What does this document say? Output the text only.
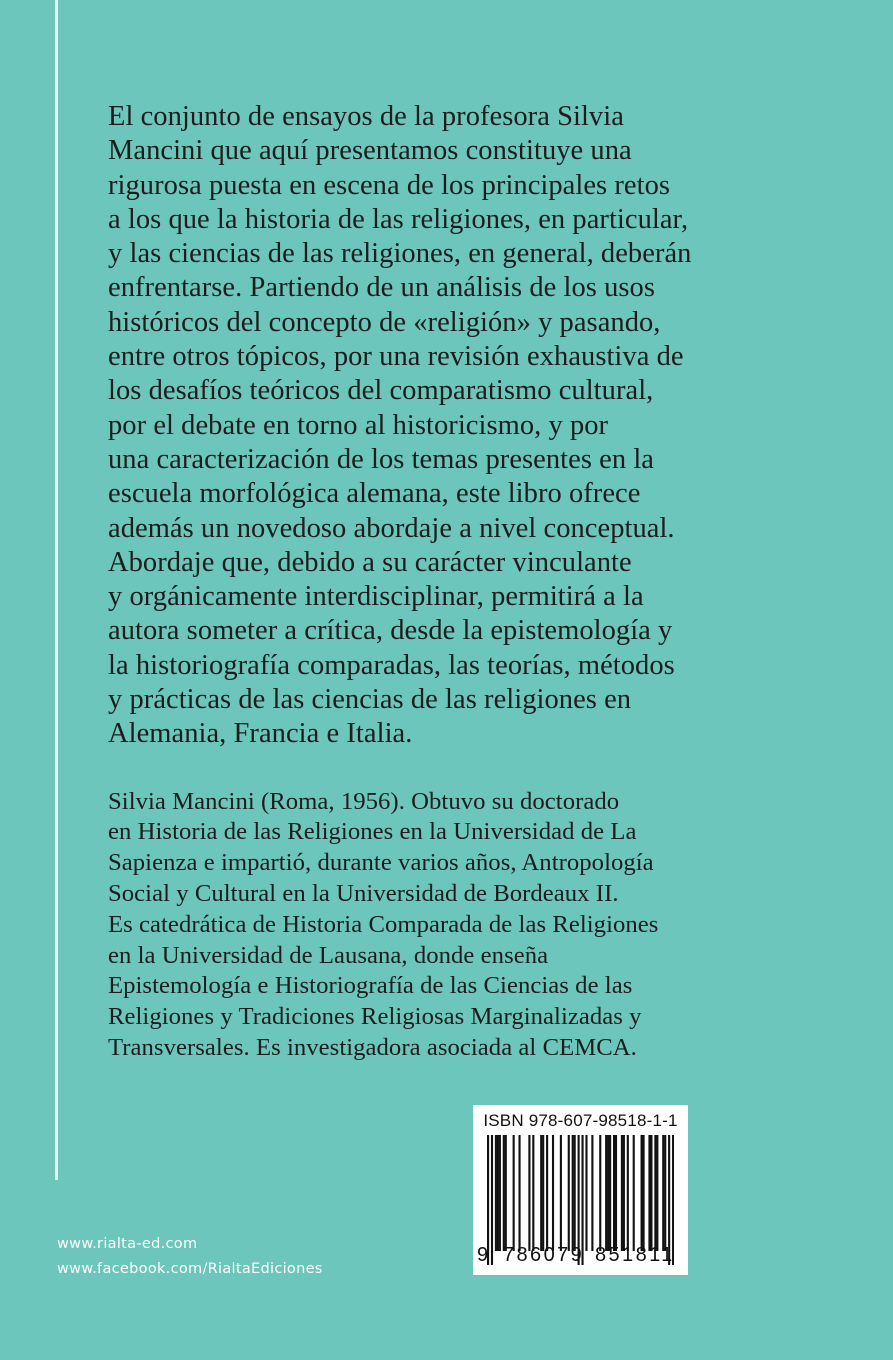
El conjunto de ensayos de la profesora Silvia
Mancini que aquí presentamos constituye una
rigurosa puesta en escena de los principales retos
a los que la historia de las religiones, en particular,
y las ciencias de las religiones, en general, deberán
enfrentarse. Partiendo de un análisis de los usos
históricos del concepto de «religión» y pasando,
entre otros tópicos, por una revisión exhaustiva de
los desafíos teóricos del comparatismo cultural,
por el debate en torno al historicismo, y por
una caracterización de los temas presentes en la
escuela morfológica alemana, este libro ofrece
además un novedoso abordaje a nivel conceptual.
Abordaje que, debido a su carácter vinculante
y orgánicamente interdisciplinar, permitirá a la
autora someter a crítica, desde la epistemología y
la historiografía comparadas, las teorías, métodos
y prácticas de las ciencias de las religiones en
Alemania, Francia e Italia.

Silvia Mancini (Roma, 1956). Obtuvo su doctorado
en Historia de las Religiones en la Universidad de La
Sapienza e impartió, durante varios años, Antropología
Social y Cultural en la Universidad de Bordeaux II.
Es catedrática de Historia Comparada de las Religiones
en la Universidad de Lausana, donde enseña
Epistemología e Historiografía de las Ciencias de las
Religiones y Tradiciones Religiosas Marginalizadas y
Transversales. Es investigadora asociada al CEMCA.

ISBN 978-607-98518-1-1
9 786079 851811
www.rialta-ed.com
www.facebook.com/RialtaEdiciones
